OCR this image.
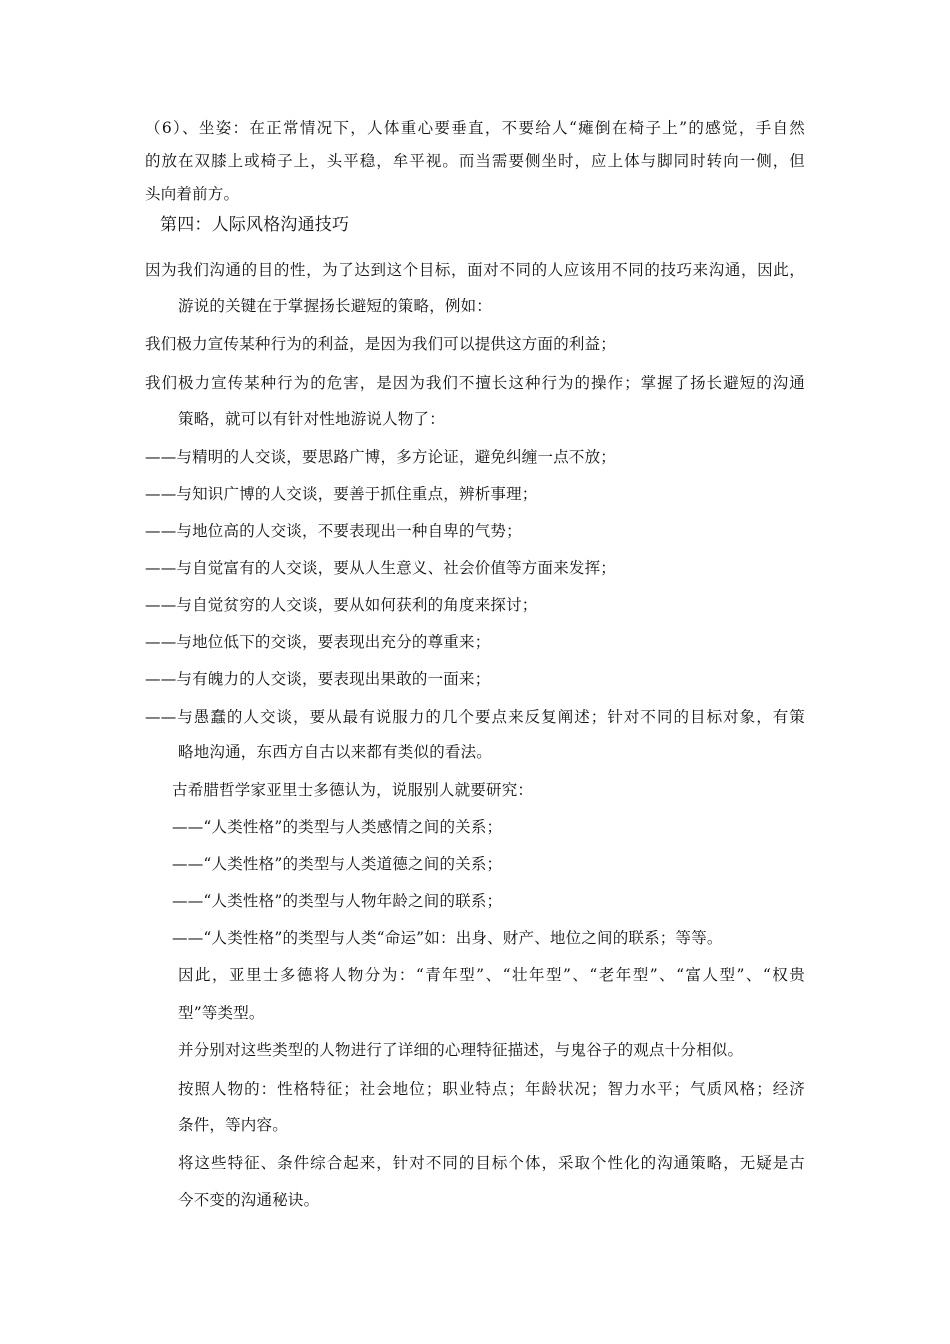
（6）、坐姿：在正常情况下，人体重心要垂直，不要给人“瘫倒在椅子上”的感觉，手自然
的放在双膝上或椅子上，头平稳，牟平视。而当需要侧坐时，应上体与脚同时转向一侧，但
头向着前方。
第四：人际风格沟通技巧
因为我们沟通的目的性，为了达到这个目标，面对不同的人应该用不同的技巧来沟通，因此，
游说的关键在于掌握扬长避短的策略，例如：
我们极力宣传某种行为的利益，是因为我们可以提供这方面的利益；
我们极力宣传某种行为的危害，是因为我们不擅长这种行为的操作；掌握了扬长避短的沟通
策略，就可以有针对性地游说人物了：
——与精明的人交谈，要思路广博，多方论证，避免纠缠一点不放；
——与知识广博的人交谈，要善于抓住重点，辨析事理；
——与地位高的人交谈，不要表现出一种自卑的气势；
——与自觉富有的人交谈，要从人生意义、社会价值等方面来发挥；
——与自觉贫穷的人交谈，要从如何获利的角度来探讨；
——与地位低下的交谈，要表现出充分的尊重来；
——与有魄力的人交谈，要表现出果敢的一面来；
——与愚蠢的人交谈，要从最有说服力的几个要点来反复阐述；针对不同的目标对象，有策
略地沟通，东西方自古以来都有类似的看法。
古希腊哲学家亚里士多德认为，说服别人就要研究：
——“人类性格”的类型与人类感情之间的关系；
——“人类性格”的类型与人类道德之间的关系；
——“人类性格”的类型与人物年龄之间的联系；
——“人类性格”的类型与人类“命运”如：出身、财产、地位之间的联系；等等。
因此，亚里士多德将人物分为：“青年型”、“壮年型”、“老年型”、“富人型”、“权贵
型”等类型。
并分别对这些类型的人物进行了详细的心理特征描述，与鬼谷子的观点十分相似。
按照人物的：性格特征；社会地位；职业特点；年龄状况；智力水平；气质风格；经济
条件，等内容。
将这些特征、条件综合起来，针对不同的目标个体，采取个性化的沟通策略，无疑是古
今不变的沟通秘诀。
